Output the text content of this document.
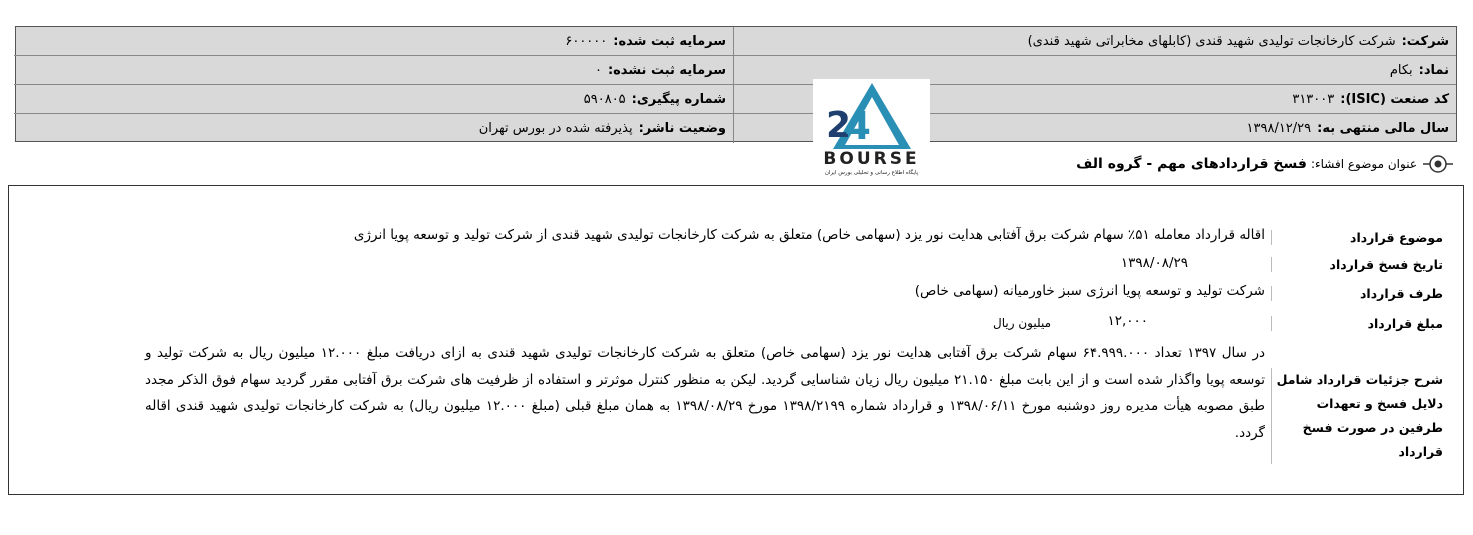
شرکت:
شرکت کارخانجات تولیدی شهید قندی (کابلهای مخابراتی شهید قندی)
سرمایه ثبت شده:
۶۰۰۰۰۰
نماد:
بکام
سرمایه ثبت نشده:
۰
کد صنعت (ISIC):
۳۱۳۰۰۳
شماره پیگیری:
۵۹۰۸۰۵
سال مالی منتهی به:
۱۳۹۸/۱۲/۲۹
وضعیت ناشر:
پذیرفته شده در بورس تهران	2
4
BOURSE
پایگاه اطلاع رسانی و تحلیلی بورس ایران
عنوان موضوع افشاء:
فسخ قراردادهای مهم - گروه الف
موضوع قرارداد
اقاله قرارداد معامله ۵۱٪ سهام شرکت برق آفتابی هدایت نور یزد (سهامی خاص) متعلق به شرکت کارخانجات تولیدی شهید قندی از شرکت تولید و توسعه پویا انرژی
تاریخ فسخ قرارداد
۱۳۹۸/۰۸/۲۹
طرف قرارداد
شرکت تولید و توسعه پویا انرژی سبز خاورمیانه (سهامی خاص)
مبلغ قرارداد
۱۲,۰۰۰
میلیون ریال
شرح جزئیات قرارداد شامل دلایل فسخ و تعهدات طرفین در صورت فسخ قرارداد
در سال ۱۳۹۷ تعداد ۶۴.۹۹۹.۰۰۰ سهام شرکت برق آفتابی هدایت نور یزد (سهامی خاص) متعلق به شرکت کارخانجات تولیدی شهید قندی به ازای دریافت مبلغ ۱۲.۰۰۰ میلیون ریال به شرکت تولید و توسعه پویا واگذار شده است و از این بابت مبلغ ۲۱.۱۵۰ میلیون ریال زیان شناسایی گردید. لیکن به منظور کنترل موثرتر و استفاده از ظرفیت های شرکت برق آفتابی مقرر گردید سهام فوق الذکر مجدد طبق مصوبه هیأت مدیره روز دوشنبه مورخ ۱۳۹۸/۰۶/۱۱ و قرارداد شماره ۱۳۹۸/۲۱۹۹ مورخ ۱۳۹۸/۰۸/۲۹ به همان مبلغ قبلی (مبلغ ۱۲.۰۰۰ میلیون ریال) به شرکت کارخانجات تولیدی شهید قندی اقاله گردد.
